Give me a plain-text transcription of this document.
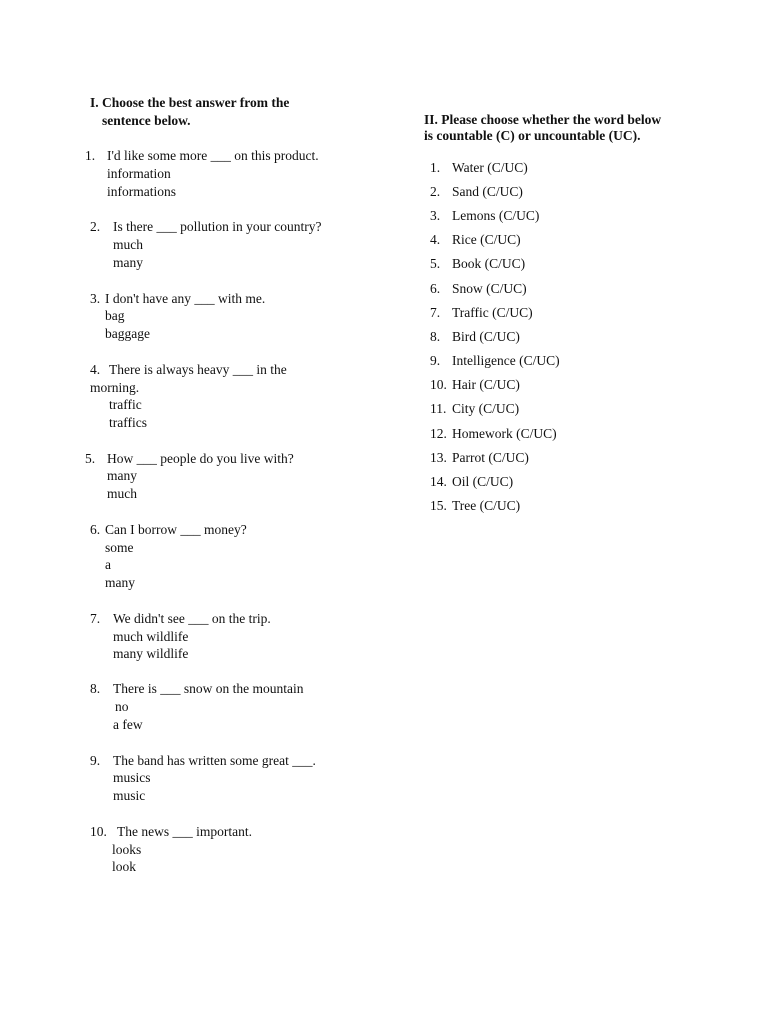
I. Choose the best answer from the
sentence below.
1. I'd like some more ___ on this product.
information
informations
2. Is there ___ pollution in your country?
much
many
3. I don't have any ___ with me.
bag
baggage
4. There is always heavy ___ in the
morning.
traffic
traffics
5. How ___ people do you live with?
many
much
6. Can I borrow ___ money?
some
a
many
7. We didn't see ___ on the trip.
much wildlife
many wildlife
8. There is ___ snow on the mountain
no
a few
9. The band has written some great ___.
musics
music
10. The news ___ important.
looks
look
II. Please choose whether the word below
is countable (C) or uncountable (UC).
1. Water (C/UC)
2. Sand (C/UC)
3. Lemons (C/UC)
4. Rice (C/UC)
5. Book (C/UC)
6. Snow (C/UC)
7. Traffic (C/UC)
8. Bird (C/UC)
9. Intelligence (C/UC)
10. Hair (C/UC)
11. City (C/UC)
12. Homework (C/UC)
13. Parrot (C/UC)
14. Oil (C/UC)
15. Tree (C/UC)
